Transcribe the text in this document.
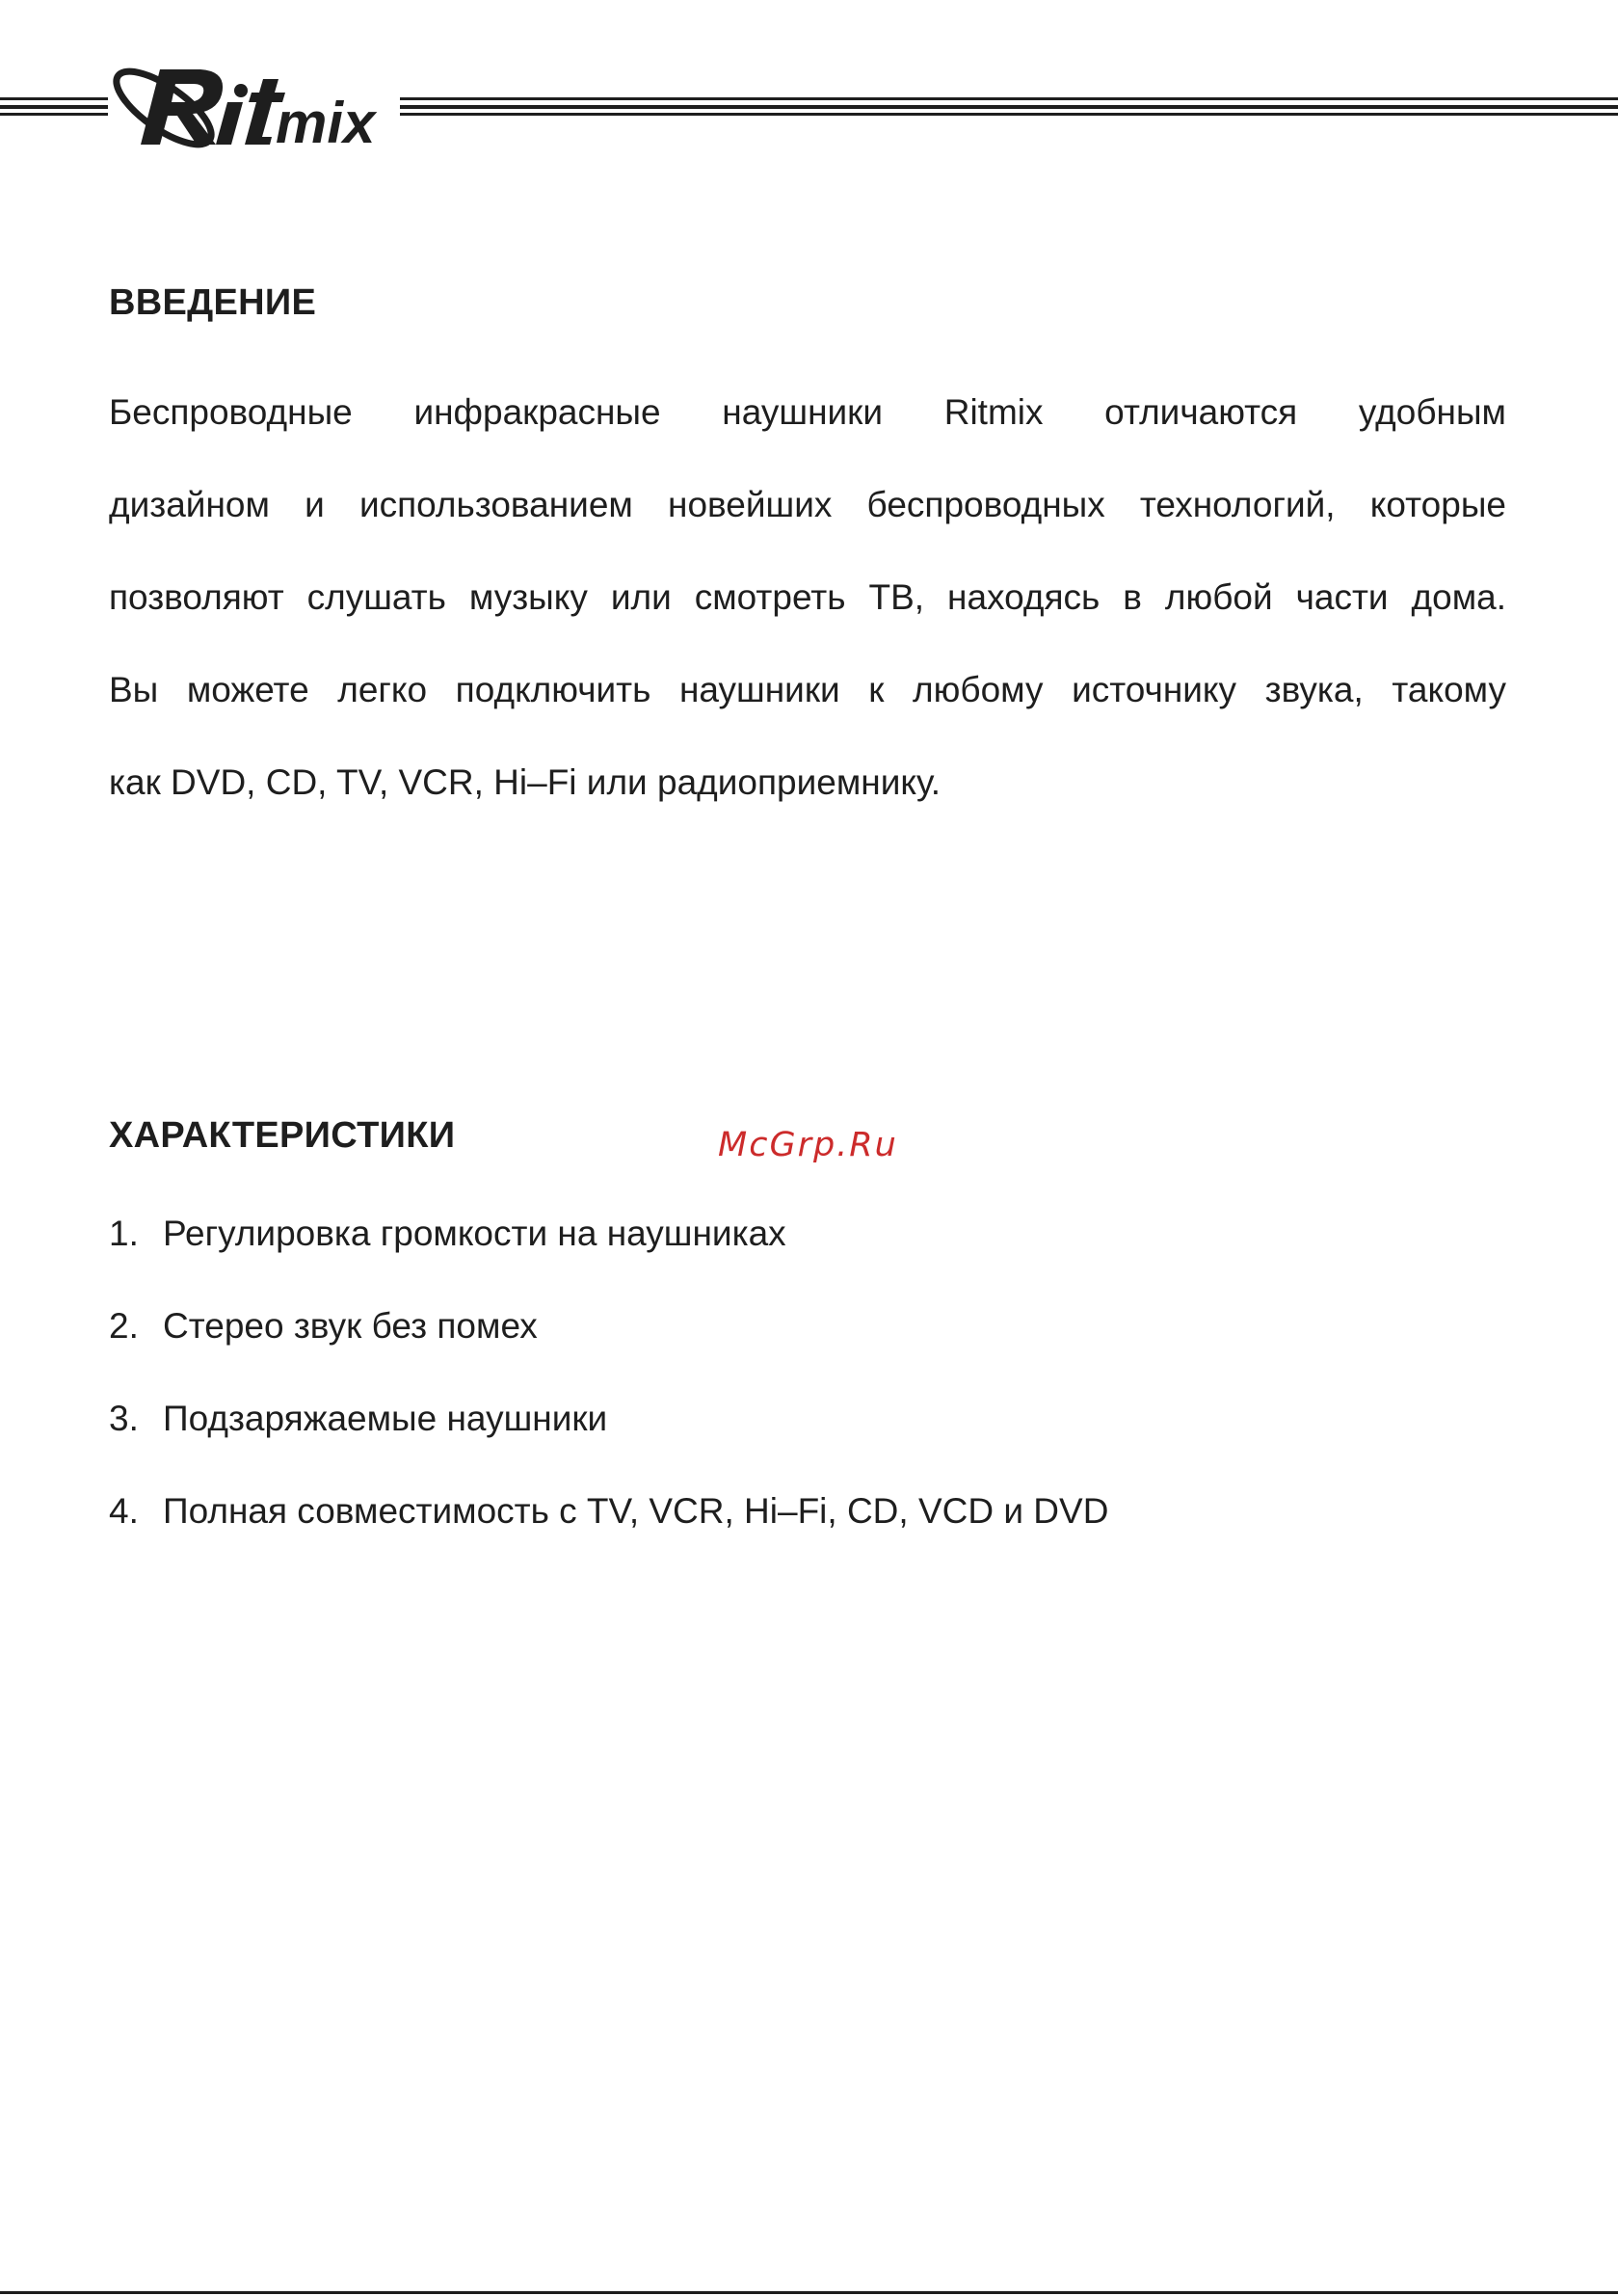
mix
ВВЕДЕНИЕ
Беспроводные инфракрасные наушники Ritmix отличаются удобным
дизайном и использованием новейших беспроводных технологий, которые
позволяют слушать музыку или смотреть ТВ, находясь в любой части дома.
Вы можете легко подключить наушники к любому источнику звука, такому
как DVD, CD, TV, VCR, Hi–Fi или радиоприемнику.
ХАРАКТЕРИСТИКИ
1. Регулировка громкости на наушниках
2. Стерео звук без помех
3. Подзаряжаемые наушники
4. Полная совместимость с TV, VCR, Hi–Fi, CD, VCD и DVD
McGrp.Ru
